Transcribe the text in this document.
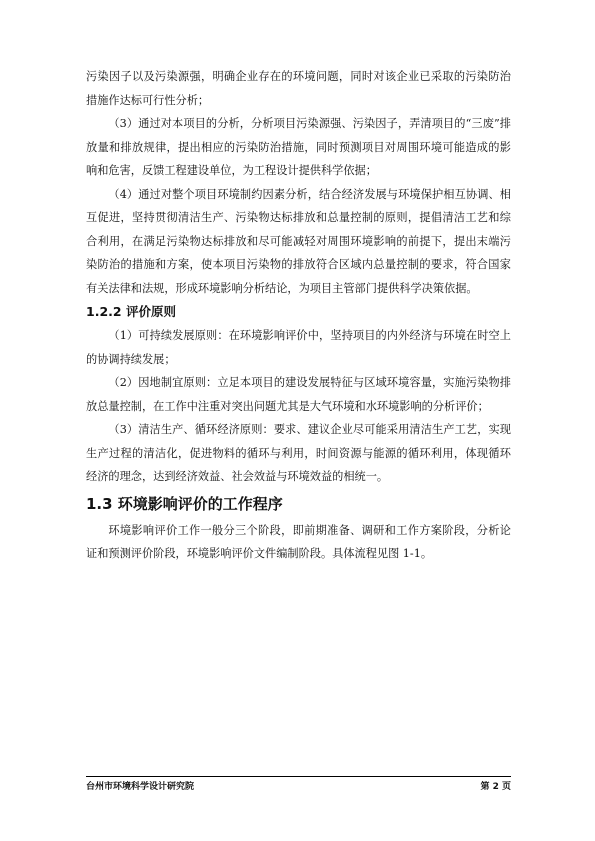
污染因子以及污染源强，明确企业存在的环境问题，同时对该企业已采取的污染防治措施作达标可行性分析；

（3）通过对本项目的分析，分析项目污染源强、污染因子，弄清项目的“三废”排放量和排放规律，提出相应的污染防治措施，同时预测项目对周围环境可能造成的影响和危害，反馈工程建设单位，为工程设计提供科学依据；

（4）通过对整个项目环境制约因素分析，结合经济发展与环境保护相互协调、相互促进，坚持贯彻清洁生产、污染物达标排放和总量控制的原则，提倡清洁工艺和综合利用，在满足污染物达标排放和尽可能减轻对周围环境影响的前提下，提出末端污染防治的措施和方案，使本项目污染物的排放符合区域内总量控制的要求，符合国家有关法律和法规，形成环境影响分析结论，为项目主管部门提供科学决策依据。

1.2.2 评价原则

（1）可持续发展原则：在环境影响评价中，坚持项目的内外经济与环境在时空上的协调持续发展；

（2）因地制宜原则：立足本项目的建设发展特征与区域环境容量，实施污染物排放总量控制，在工作中注重对突出问题尤其是大气环境和水环境影响的分析评价；

（3）清洁生产、循环经济原则：要求、建议企业尽可能采用清洁生产工艺，实现生产过程的清洁化，促进物料的循环与利用，时间资源与能源的循环利用，体现循环经济的理念，达到经济效益、社会效益与环境效益的相统一。

1.3 环境影响评价的工作程序

环境影响评价工作一般分三个阶段，即前期准备、调研和工作方案阶段，分析论证和预测评价阶段，环境影响评价文件编制阶段。具体流程见图 1-1。

台州市环境科学设计研究院	第 2 页
